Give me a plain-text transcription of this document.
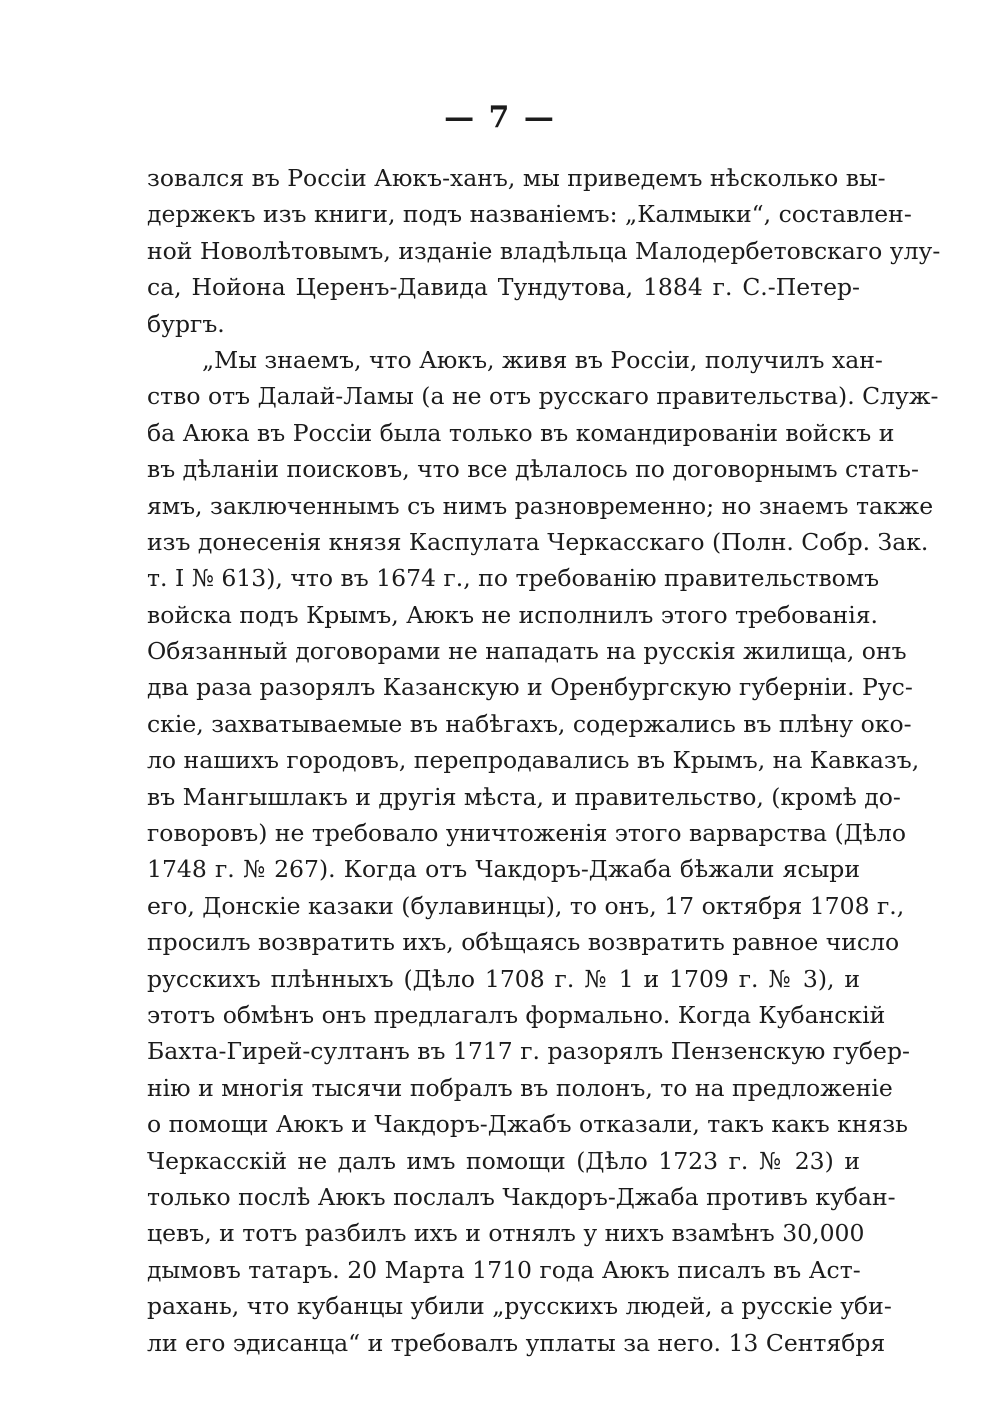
— 7 —
зовался въ Россіи Аюкъ-ханъ, мы приведемъ нѣсколько вы-
держекъ изъ книги, подъ названіемъ: „Калмыки“, составлен-
ной Новолѣтовымъ, изданіе владѣльца Малодербетовскаго улу-
са, Нойона Церенъ-Давида Тундутова, 1884 г. С.-Петер-
бургъ.
„Мы знаемъ, что Аюкъ, живя въ Россіи, получилъ хан-
ство отъ Далай-Ламы (а не отъ русскаго правительства). Служ-
ба Аюка въ Россіи была только въ командированіи войскъ и
въ дѣланіи поисковъ, что все дѣлалось по договорнымъ стать-
ямъ, заключеннымъ съ нимъ разновременно; но знаемъ также
изъ донесенія князя Каспулата Черкасскаго (Полн. Собр. Зак.
т. I № 613), что въ 1674 г., по требованію правительствомъ
войска подъ Крымъ, Аюкъ не исполнилъ этого требованія.
Обязанный договорами не нападать на русскія жилища, онъ
два раза разорялъ Казанскую и Оренбургскую губерніи. Рус-
скіе, захватываемые въ набѣгахъ, содержались въ плѣну око-
ло нашихъ городовъ, перепродавались въ Крымъ, на Кавказъ,
въ Мангышлакъ и другія мѣста, и правительство, (кромѣ до-
говоровъ) не требовало уничтоженія этого варварства (Дѣло
1748 г. № 267). Когда отъ Чакдоръ-Джаба бѣжали ясыри
его, Донскіе казаки (булавинцы), то онъ, 17 октября 1708 г.,
просилъ возвратить ихъ, обѣщаясь возвратить равное число
русскихъ плѣнныхъ (Дѣло 1708 г. № 1 и 1709 г. № 3), и
этотъ обмѣнъ онъ предлагалъ формально. Когда Кубанскій
Бахта-Гирей-султанъ въ 1717 г. разорялъ Пензенскую губер-
нію и многія тысячи побралъ въ полонъ, то на предложеніе
о помощи Аюкъ и Чакдоръ-Джабъ отказали, такъ какъ князь
Черкасскій не далъ имъ помощи (Дѣло 1723 г. № 23) и
только послѣ Аюкъ послалъ Чакдоръ-Джаба противъ кубан-
цевъ, и тотъ разбилъ ихъ и отнялъ у нихъ взамѣнъ 30,000
дымовъ татаръ. 20 Марта 1710 года Аюкъ писалъ въ Аст-
рахань, что кубанцы убили „русскихъ людей, а русскіе уби-
ли его эдисанца“ и требовалъ уплаты за него. 13 Сентября
